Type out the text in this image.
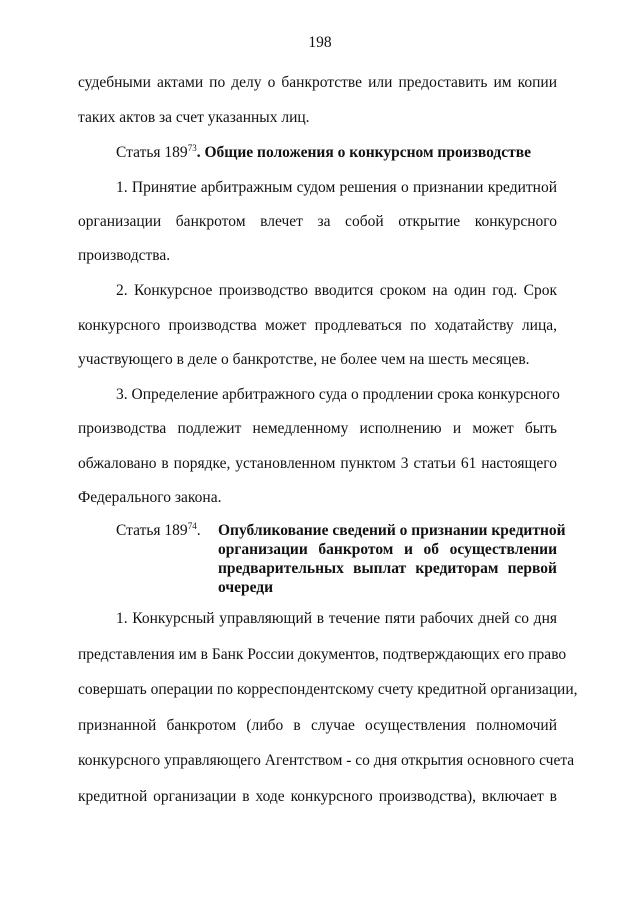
198
судебными актами по делу о банкротстве или предоставить им копии
таких актов за счет указанных лиц.
Статья $189^{73}$. Общие положения о конкурсном производстве
1. Принятие арбитражным судом решения о признании кредитной
организации банкротом влечет за собой открытие конкурсного
производства.
2. Конкурсное производство вводится сроком на один год. Срок
конкурсного производства может продлеваться по ходатайству лица,
участвующего в деле о банкротстве, не более чем на шесть месяцев.
3. Определение арбитражного суда о продлении срока конкурсного
производства подлежит немедленному исполнению и может быть
обжаловано в порядке, установленном пунктом 3 статьи 61 настоящего
Федерального закона.
Статья $189^{74}$. Опубликование сведений о признании кредитной
организации банкротом и об осуществлении
предварительных выплат кредиторам первой
очереди
1. Конкурсный управляющий в течение пяти рабочих дней со дня
представления им в Банк России документов, подтверждающих его право
совершать операции по корреспондентскому счету кредитной организации,
признанной банкротом (либо в случае осуществления полномочий
конкурсного управляющего Агентством - со дня открытия основного счета
кредитной организации в ходе конкурсного производства), включает в
